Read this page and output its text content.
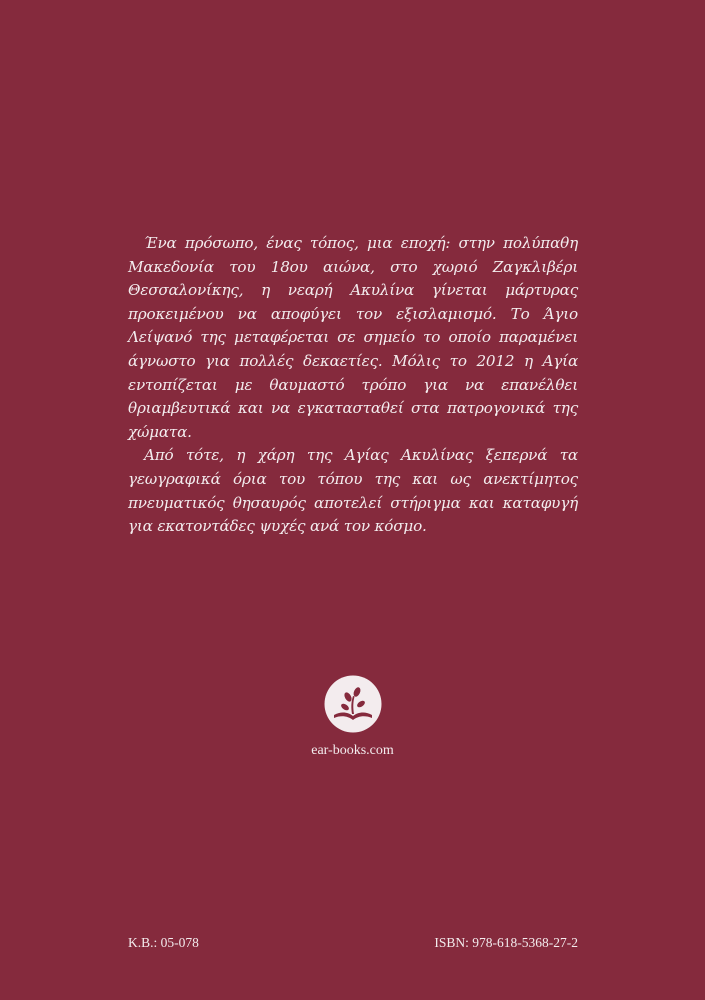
Ένα πρόσωπο, ένας τόπος, μια εποχή: στην πολύπαθη Μακεδονία του 18ου αιώνα, στο χωριό Ζαγκλιβέρι Θεσσαλονίκης, η νεαρή Ακυλίνα γίνεται μάρτυρας προκειμένου να αποφύγει τον εξισλαμισμό. Το Άγιο Λείψανό της μεταφέρεται σε σημείο το οποίο παραμένει άγνωστο για πολλές δεκαετίες. Μόλις το 2012 η Αγία εντοπίζεται με θαυμαστό τρόπο για να επανέλθει θριαμβευτικά και να εγκατασταθεί στα πατρογονικά της χώματα.

Από τότε, η χάρη της Αγίας Ακυλίνας ξεπερνά τα γεωγραφικά όρια του τόπου της και ως ανεκτίμητος πνευματικός θησαυρός αποτελεί στήριγμα και καταφυγή για εκατοντάδες ψυχές ανά τον κόσμο.

ear-books.com
Κ.Β.: 05-078	ISBN: 978-618-5368-27-2
